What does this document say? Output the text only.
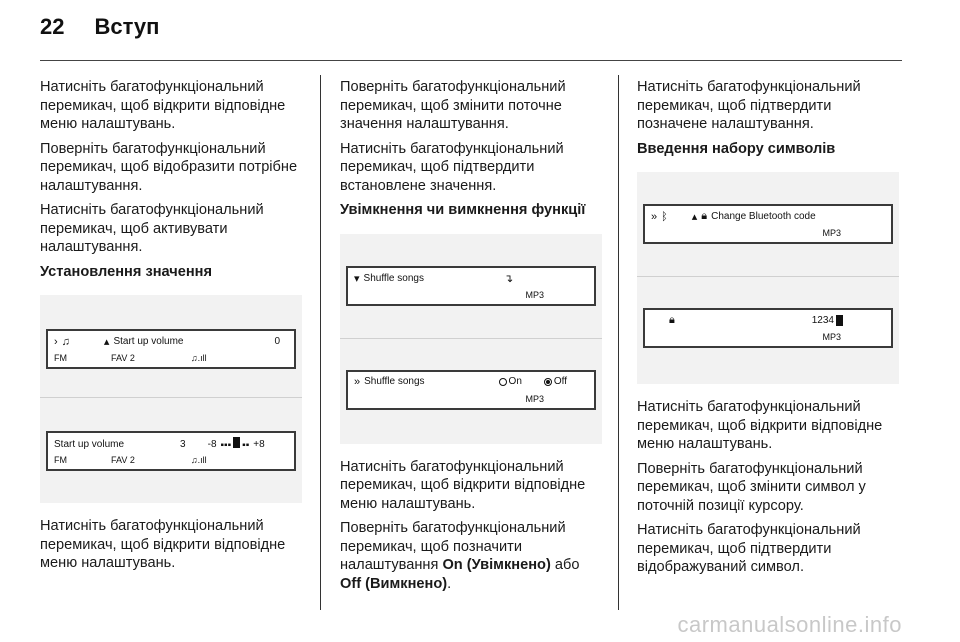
22 Вступ

Натисніть багатофункціональний перемикач, щоб відкрити відповідне меню налаштувань.

Поверніть багатофункціональний перемикач, щоб відобразити потрібне налаштування.

Натисніть багатофункціональний перемикач, щоб активувати налаштування.

Установлення значення
› ♫	▴ Start up volume	0
FM	FAV 2	♫.ıll
Start up volume	3 -8 ▪▪▪ ▪▪ +8
FM	FAV 2	♫.ıll

Натисніть багатофункціональний перемикач, щоб відкрити відповідне меню налаштувань.

Поверніть багатофункціональний перемикач, щоб змінити поточне значення налаштування.

Натисніть багатофункціональний перемикач, щоб підтвердити встановлене значення.

Увімкнення чи вимкнення функції
▾ Shuffle songs	↴
MP3
» Shuffle songs	On	Off
MP3

Натисніть багатофункціональний перемикач, щоб відкрити відповідне меню налаштувань.

Поверніть багатофункціональний перемикач, щоб позначити налаштування On (Увімкнено) або Off (Вимкнено).

Натисніть багатофункціональний перемикач, щоб підтвердити позначене налаштування.

Введення набору символів
» ᛒ ▴ 🔒︎ Change Bluetooth code
MP3
🔒︎	1234
MP3

Натисніть багатофункціональний перемикач, щоб відкрити відповідне меню налаштувань.

Поверніть багатофункціональний перемикач, щоб змінити символ у поточній позиції курсору.

Натисніть багатофункціональний перемикач, щоб підтвердити відображуваний символ.

carmanualsonline.info
